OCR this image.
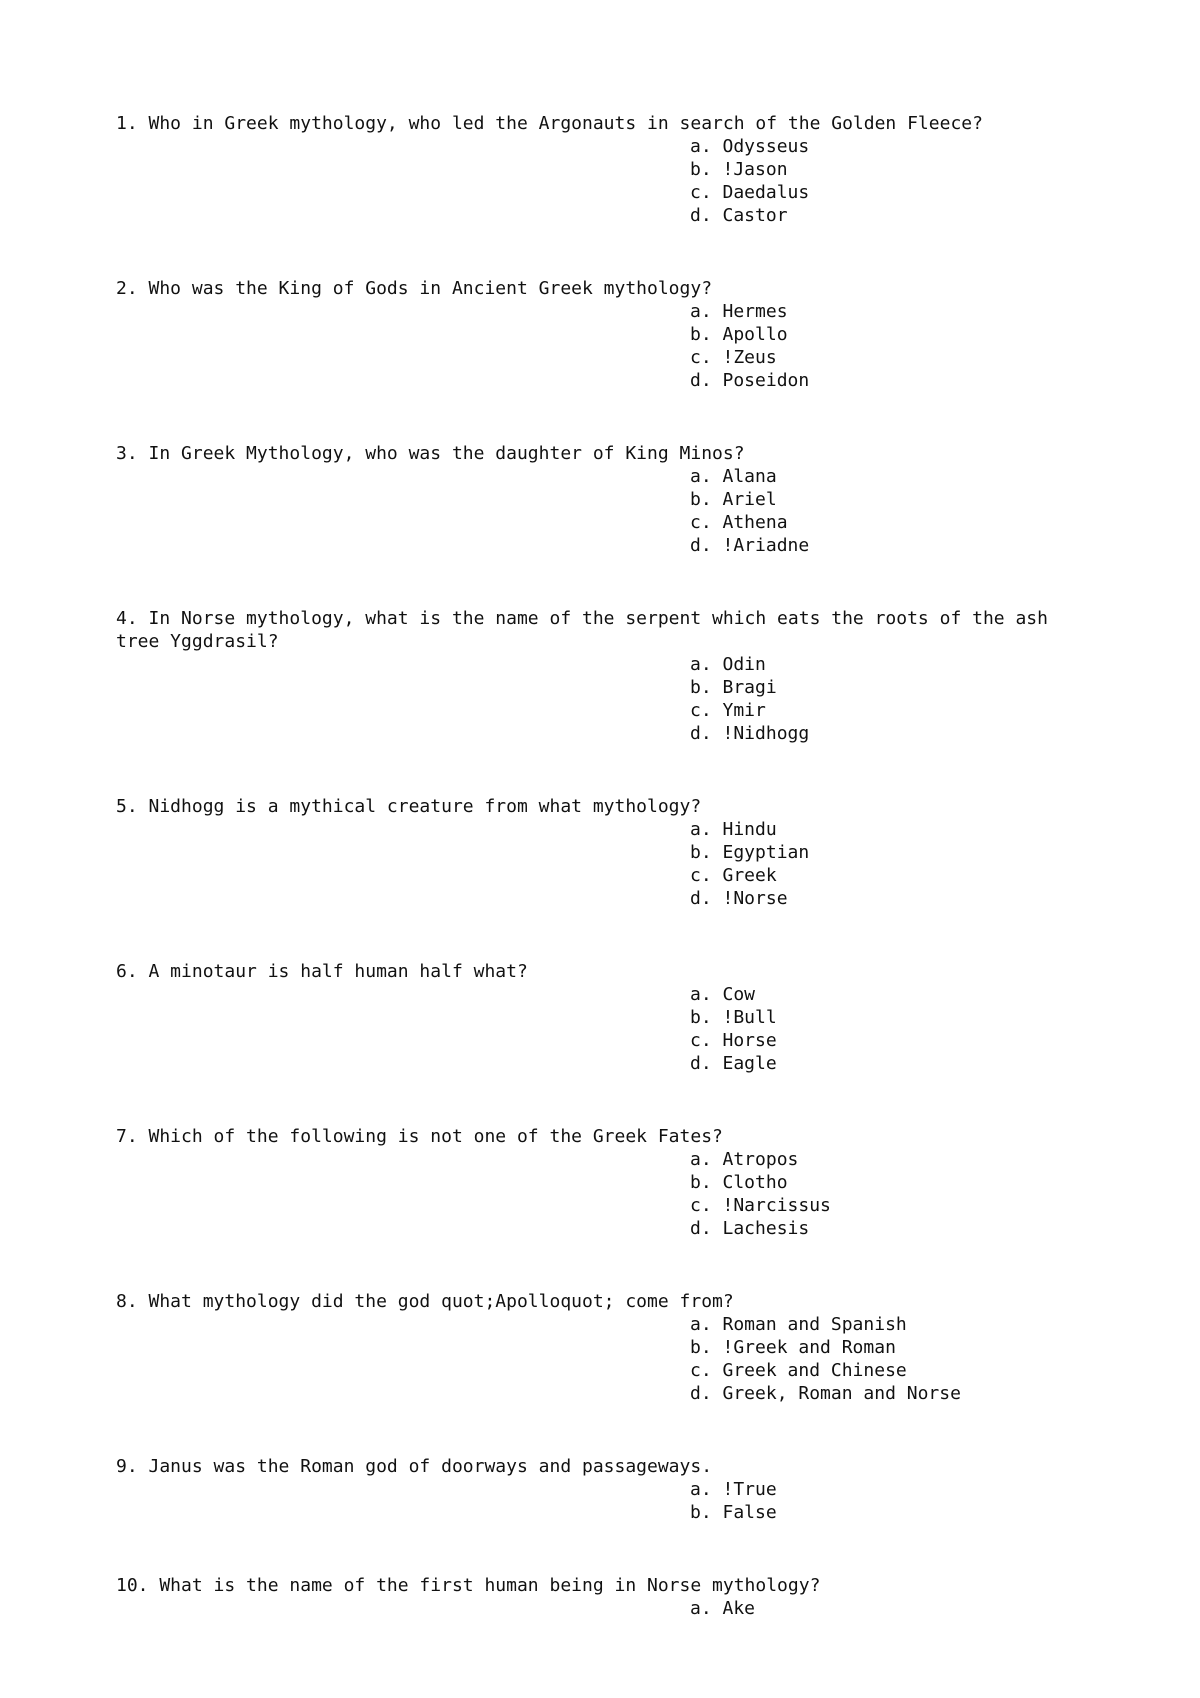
1. Who in Greek mythology, who led the Argonauts in search of the Golden Fleece?

a. Odysseus
b. !Jason
c. Daedalus
d. Castor

2. Who was the King of Gods in Ancient Greek mythology?

a. Hermes
b. Apollo
c. !Zeus
d. Poseidon

3. In Greek Mythology, who was the daughter of King Minos?

a. Alana
b. Ariel
c. Athena
d. !Ariadne

4. In Norse mythology, what is the name of the serpent which eats the roots of the ash tree Yggdrasil?

a. Odin
b. Bragi
c. Ymir
d. !Nidhogg

5. Nidhogg is a mythical creature from what mythology?

a. Hindu
b. Egyptian
c. Greek
d. !Norse

6. A minotaur is half human half what?

a. Cow
b. !Bull
c. Horse
d. Eagle

7. Which of the following is not one of the Greek Fates?

a. Atropos
b. Clotho
c. !Narcissus
d. Lachesis

8. What mythology did the god quot;Apolloquot; come from?

a. Roman and Spanish
b. !Greek and Roman
c. Greek and Chinese
d. Greek, Roman and Norse

9. Janus was the Roman god of doorways and passageways.

a. !True
b. False

10. What is the name of the first human being in Norse mythology?

a. Ake
